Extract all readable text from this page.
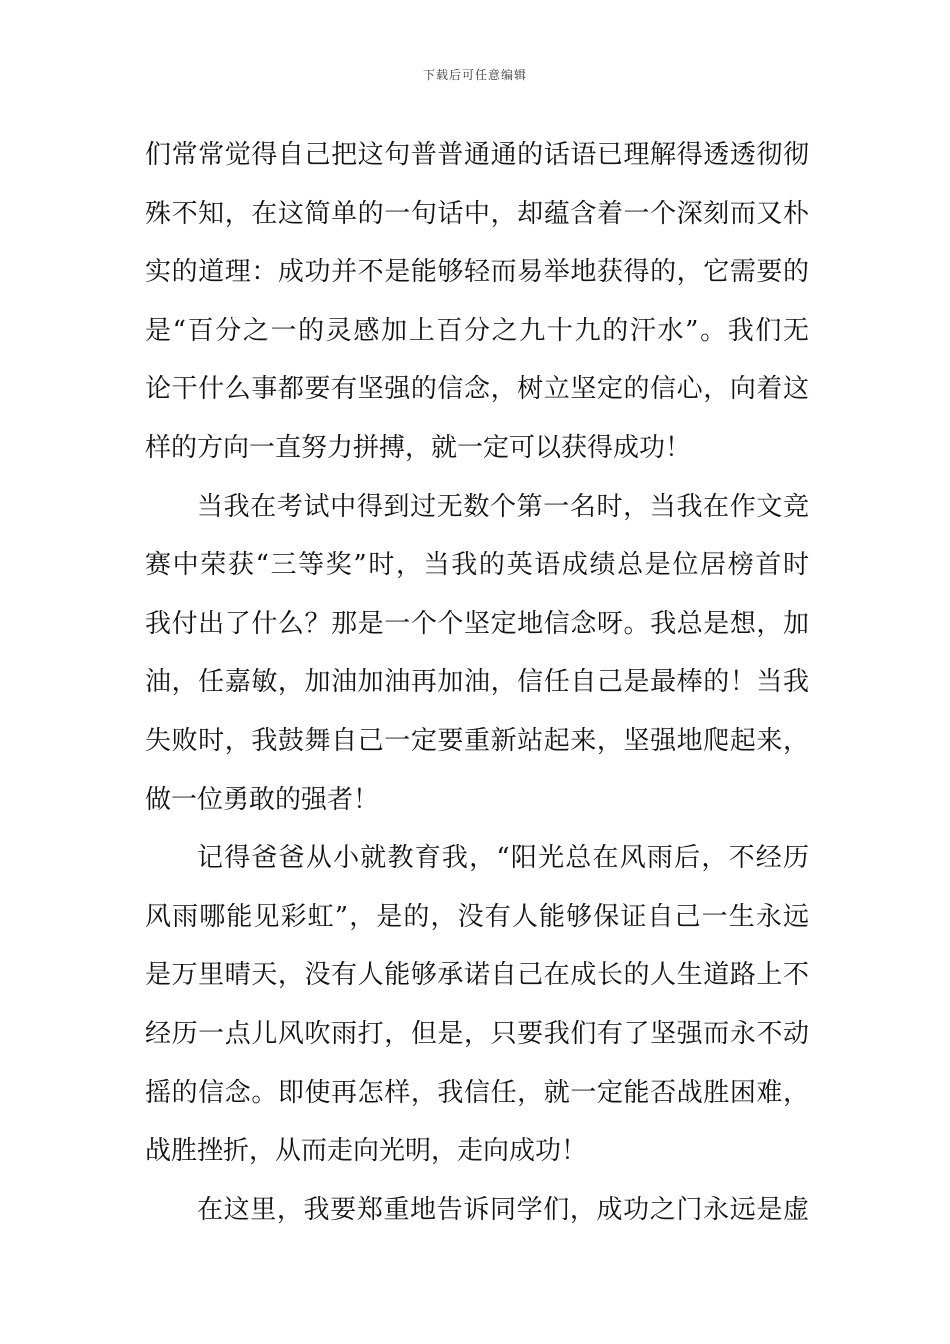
下载后可任意编辑
们常常觉得自己把这句普普通通的话语已理解得透透彻彻
殊不知，在这简单的一句话中，却蕴含着一个深刻而又朴
实的道理：成功并不是能够轻而易举地获得的，它需要的
是“百分之一的灵感加上百分之九十九的汗水”。我们无
论干什么事都要有坚强的信念，树立坚定的信心，向着这
样的方向一直努力拼搏，就一定可以获得成功！
当我在考试中得到过无数个第一名时，当我在作文竞
赛中荣获“三等奖”时，当我的英语成绩总是位居榜首时
我付出了什么？那是一个个坚定地信念呀。我总是想，加
油，任嘉敏，加油加油再加油，信任自己是最棒的！当我
失败时，我鼓舞自己一定要重新站起来，坚强地爬起来，
做一位勇敢的强者！
记得爸爸从小就教育我，“阳光总在风雨后，不经历
风雨哪能见彩虹”，是的，没有人能够保证自己一生永远
是万里晴天，没有人能够承诺自己在成长的人生道路上不
经历一点儿风吹雨打，但是，只要我们有了坚强而永不动
摇的信念。即使再怎样，我信任，就一定能否战胜困难，
战胜挫折，从而走向光明，走向成功！
在这里，我要郑重地告诉同学们，成功之门永远是虚
